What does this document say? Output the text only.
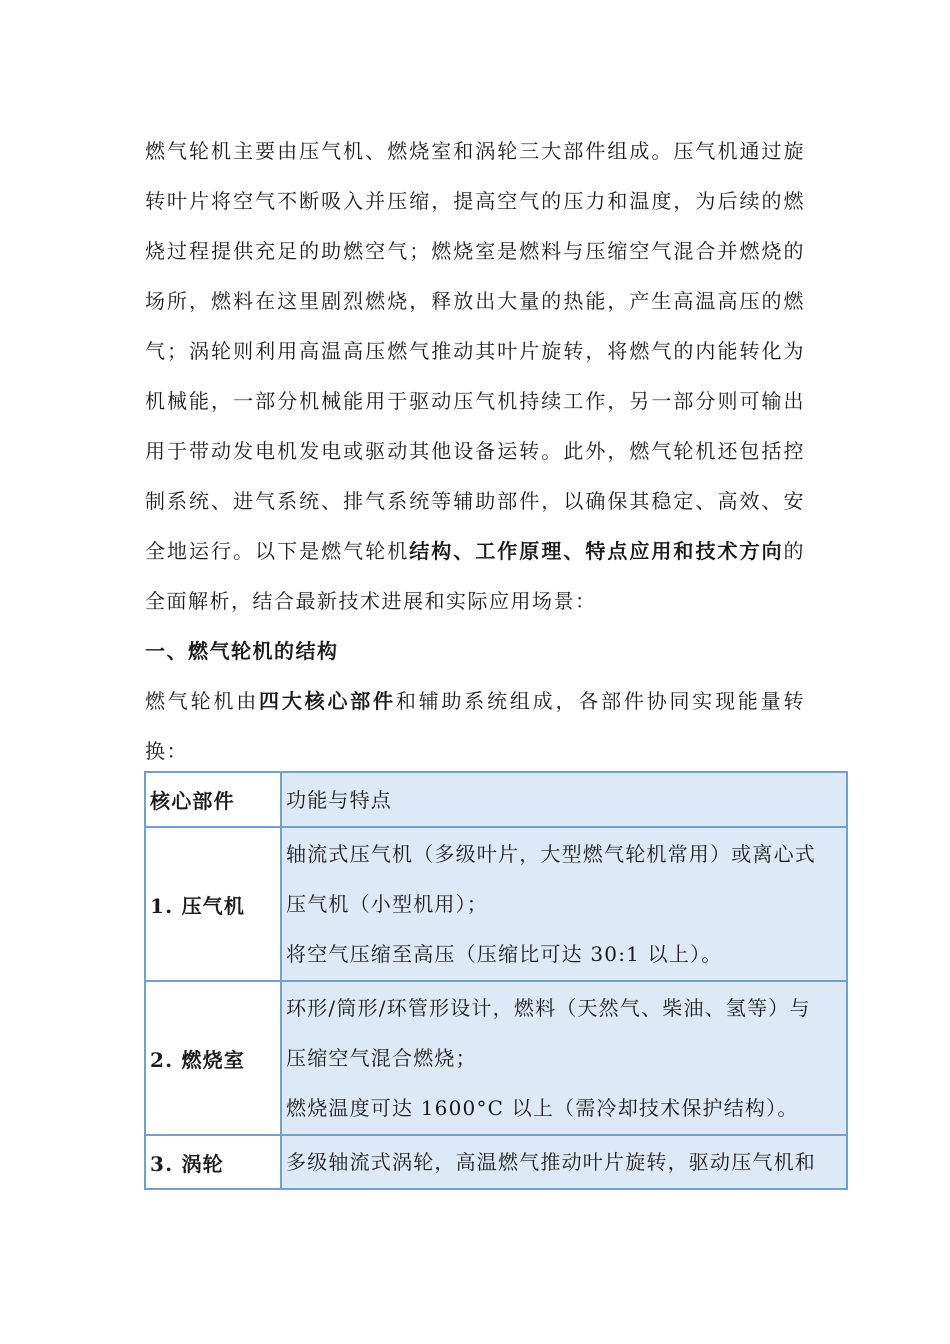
燃气轮机主要由压气机、燃烧室和涡轮三大部件组成。压气机通过旋转叶片将空气不断吸入并压缩，提高空气的压力和温度，为后续的燃烧过程提供充足的助燃空气；燃烧室是燃料与压缩空气混合并燃烧的场所，燃料在这里剧烈燃烧，释放出大量的热能，产生高温高压的燃气；涡轮则利用高温高压燃气推动其叶片旋转，将燃气的内能转化为机械能，一部分机械能用于驱动压气机持续工作，另一部分则可输出用于带动发电机发电或驱动其他设备运转。此外，燃气轮机还包括控制系统、进气系统、排气系统等辅助部件，以确保其稳定、高效、安全地运行。以下是燃气轮机结构、工作原理、特点应用和技术方向的全面解析，结合最新技术进展和实际应用场景：

一、燃气轮机的结构

燃气轮机由四大核心部件和辅助系统组成，各部件协同实现能量转换：

核心部件	功能与特点
1. 压气机	轴流式压气机（多级叶片，大型燃气轮机常用）或离心式
压气机（小型机用）；
将空气压缩至高压（压缩比可达 30:1 以上）。

2. 燃烧室	环形/筒形/环管形设计，燃料（天然气、柴油、氢等）与
压缩空气混合燃烧；
燃烧温度可达 1600°C 以上（需冷却技术保护结构）。

3. 涡轮	多级轴流式涡轮，高温燃气推动叶片旋转，驱动压气机和
